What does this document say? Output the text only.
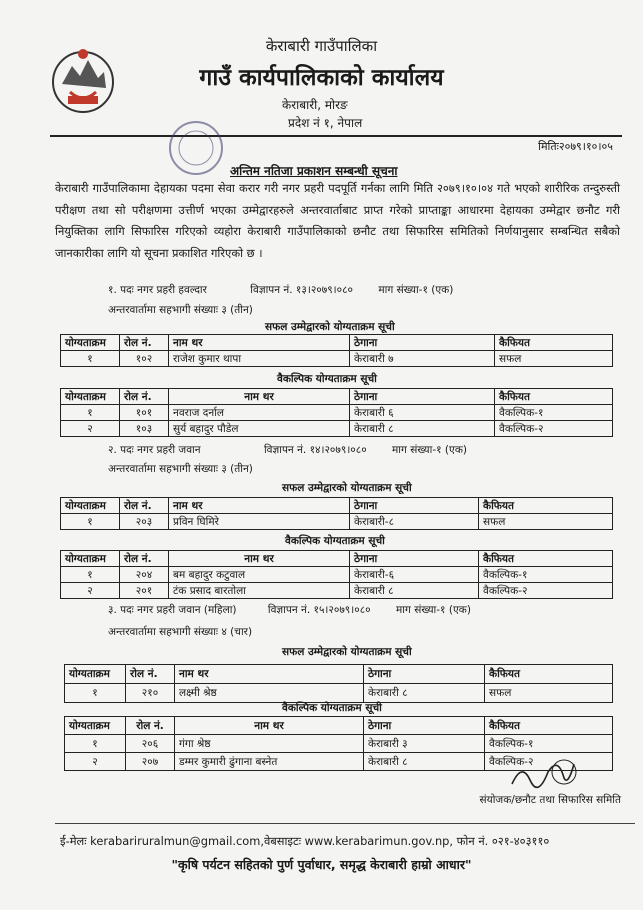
केराबारी गाउँपालिका
गाउँ कार्यपालिकाको कार्यालय
केराबारी, मोरङ
प्रदेश नं १, नेपाल
मितिः२०७९।१०।०५
अन्तिम नतिजा प्रकाशन सम्बन्धी सूचना
केराबारी गाउँपालिकामा देहायका पदमा सेवा करार गरी नगर प्रहरी पदपूर्ति गर्नका लागि मिति २०७९।१०।०४ गते भएको शारीरिक तन्दुरुस्ती परीक्षण तथा सो परीक्षणमा उत्तीर्ण भएका उम्मेद्वारहरुले अन्तरवार्ताबाट प्राप्त गरेको प्राप्ताङ्का आधारमा देहायका उम्मेद्वार छनौट गरी नियुक्तिका लागि सिफारिस गरिएको व्यहोरा केराबारी गाउँपालिकाको छनौट तथा सिफारिस समितिको निर्णयानुसार सम्बन्धित सबैको जानकारीका लागि यो सूचना प्रकाशित गरिएको छ ।
१. पदः नगर प्रहरी हवल्दार	विज्ञापन नं. १३।२०७९।०८० माग संख्या-१ (एक)
अन्तरवार्तामा सहभागी संख्याः ३ (तीन)
सफल उम्मेद्वारको योग्यताक्रम सूची
योग्यताक्रम	रोल नं.	नाम थर	ठेगाना	कैफियत
१	१०२	राजेश कुमार थापा	केराबारी ७	सफल
वैकल्पिक योग्यताक्रम सूची
योग्यताक्रम	रोल नं.	नाम थर	ठेगाना	कैफियत
१	१०१	नवराज दर्नाल	केराबारी ६	वैकल्पिक-१
२	१०३	सुर्य बहादुर पौडेल	केराबारी ८	वैकल्पिक-२
२. पदः नगर प्रहरी जवान	विज्ञापन नं. १४।२०७९।०८० माग संख्या-१ (एक)
अन्तरवार्तामा सहभागी संख्याः ३ (तीन)
सफल उम्मेद्वारको योग्यताक्रम सूची
योग्यताक्रम	रोल नं.	नाम थर	ठेगाना	कैफियत
१	२०३	प्रविन घिमिरे	केराबारी-८	सफल
वैकल्पिक योग्यताक्रम सूची
योग्यताक्रम	रोल नं.	नाम थर	ठेगाना	कैफियत
१	२०४	बम बहादुर कटुवाल	केराबारी-६	वैकल्पिक-१
२	२०१	टंक प्रसाद बारतोला	केराबारी ८	वैकल्पिक-२
३. पदः नगर प्रहरी जवान (महिला)	विज्ञापन नं. १५।२०७९।०८० माग संख्या-१ (एक)
अन्तरवार्तामा सहभागी संख्याः ४ (चार)
सफल उम्मेद्वारको योग्यताक्रम सूची
योग्यताक्रम	रोल नं.	नाम थर	ठेगाना	कैफियत
१	२१०	लक्ष्मी श्रेष्ठ	केराबारी ८	सफल
वैकल्पिक योग्यताक्रम सूची
योग्यताक्रम	रोल नं.	नाम थर	ठेगाना	कैफियत
१	२०६	गंगा श्रेष्ठ	केराबारी ३	वैकल्पिक-१
२	२०७	डम्मर कुमारी ढुंगाना बस्नेत	केराबारी ८	वैकल्पिक-२
संयोजक/छनौट तथा सिफारिस समिति
ई-मेलः kerabariruralmun@gmail.com,वेबसाइटः www.kerabarimun.gov.np, फोन नं. ०२१-४०३११०
"कृषि पर्यटन सहितको पुर्ण पुर्वाधार, समृद्ध केराबारी हाम्रो आधार"
